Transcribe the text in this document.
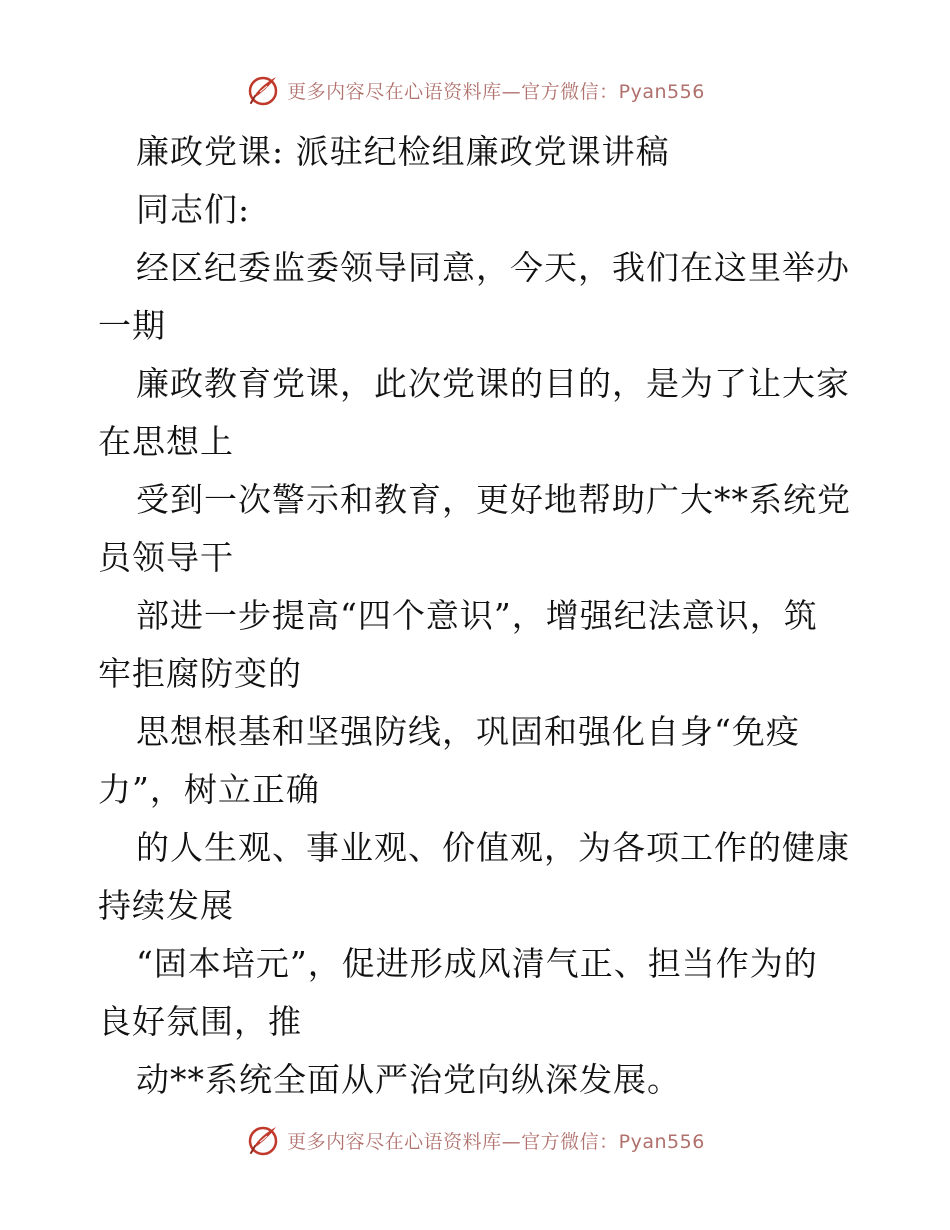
更多内容尽在心语资料库—官方微信：Pyan556
廉政党课: 派驻纪检组廉政党课讲稿
同志们:
经区纪委监委领导同意，今天，我们在这里举办
一期
廉政教育党课，此次党课的目的，是为了让大家
在思想上
受到一次警示和教育，更好地帮助广大**系统党
员领导干
部进一步提高“四个意识”，增强纪法意识，筑
牢拒腐防变的
思想根基和坚强防线，巩固和强化自身“免疫
力”，树立正确
的人生观、事业观、价值观，为各项工作的健康
持续发展
“固本培元”，促进形成风清气正、担当作为的
良好氛围，推
动**系统全面从严治党向纵深发展。
更多内容尽在心语资料库—官方微信：Pyan556
